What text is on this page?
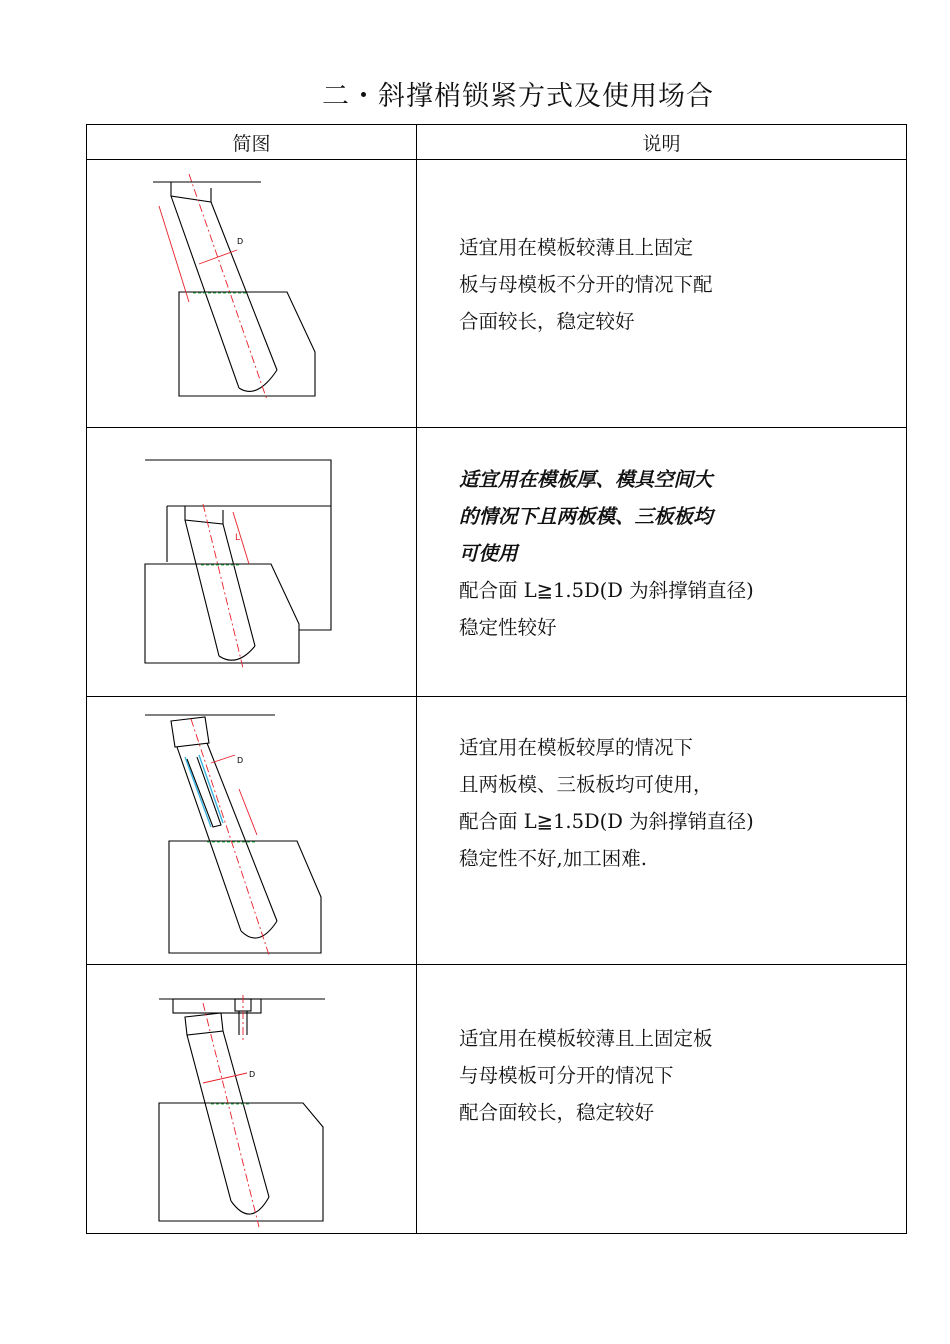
二・斜撑梢锁紧方式及使用场合
简图	说明

D	适宜用在模板较薄且上固定
板与母模板不分开的情况下配
合面较长，稳定较好

L	适宜用在模板厚、模具空间大
的情况下且两板模、三板板均
可使用
配合面 L≧1.5D(D 为斜撑销直径)
稳定性较好

D	适宜用在模板较厚的情况下
且两板模、三板板均可使用，
配合面 L≧1.5D(D 为斜撑销直径)
稳定性不好,加工困难.

D	适宜用在模板较薄且上固定板
与母模板可分开的情况下
配合面较长，稳定较好
